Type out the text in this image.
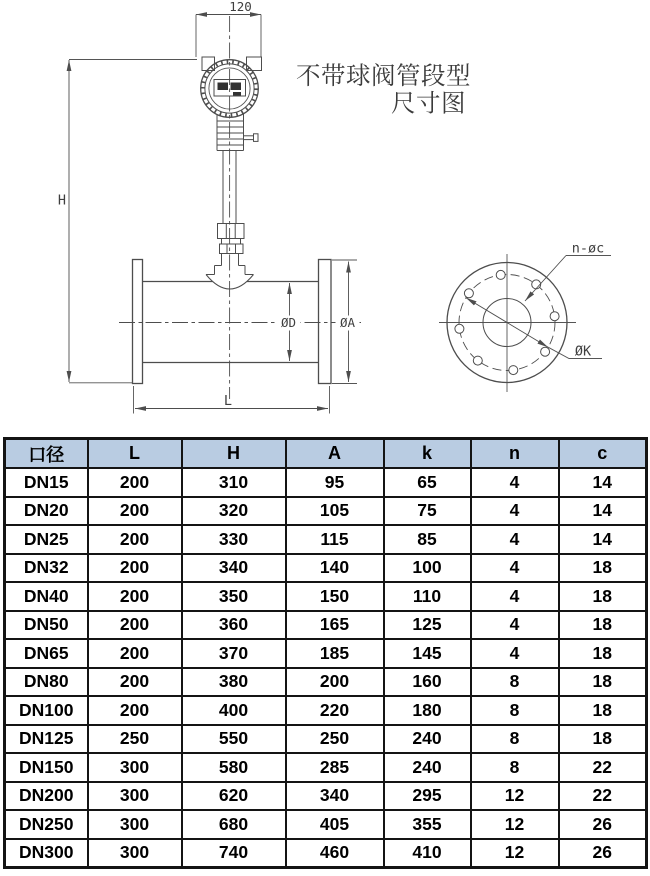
120
H
ØD	ØA
L
n-øc
ØK
不带球阀管段型
尺寸图
口径	L	H	A	k	n	c
DN15	200	310	95	65	4	14
DN20	200	320	105	75	4	14
DN25	200	330	115	85	4	14
DN32	200	340	140	100	4	18
DN40	200	350	150	110	4	18
DN50	200	360	165	125	4	18
DN65	200	370	185	145	4	18
DN80	200	380	200	160	8	18
DN100	200	400	220	180	8	18
DN125	250	550	250	240	8	18
DN150	300	580	285	240	8	22
DN200	300	620	340	295	12	22
DN250	300	680	405	355	12	26
DN300	300	740	460	410	12	26
